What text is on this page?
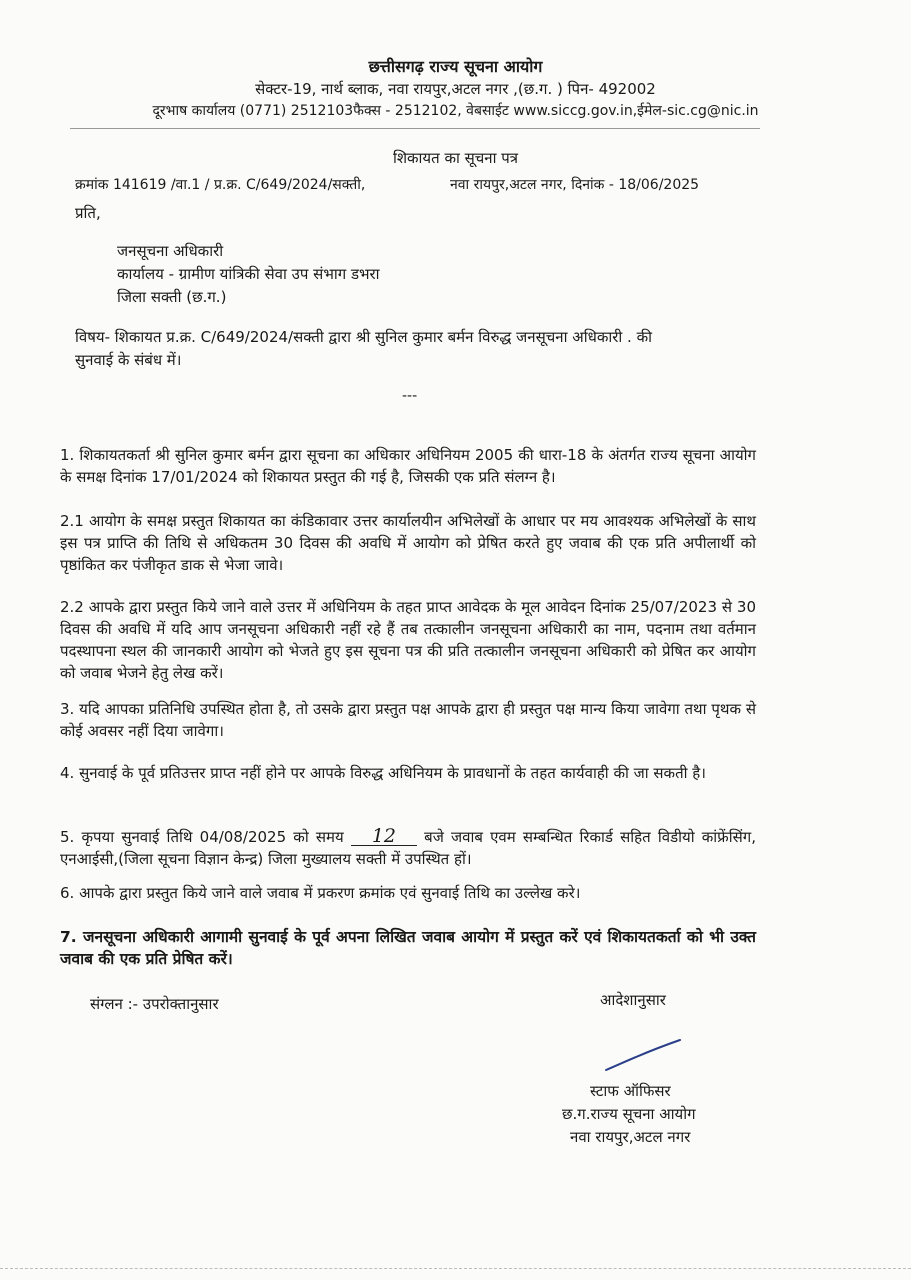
छत्तीसगढ़ राज्य सूचना आयोग
सेक्टर-19, नार्थ ब्लाक, नवा रायपुर,अटल नगर ,(छ.ग. ) पिन- 492002
दूरभाष कार्यालय (0771) 2512103फैक्स - 2512102, वेबसाईट www.siccg.gov.in,ईमेल-sic.cg@nic.in
शिकायत का सूचना पत्र
क्रमांक 141619 /वा.1 / प्र.क्र. C/649/2024/सक्ती,	नवा रायपुर,अटल नगर, दिनांक - 18/06/2025
प्रति,
जनसूचना अधिकारी
कार्यालय - ग्रामीण यांत्रिकी सेवा उप संभाग डभरा
जिला सक्ती (छ.ग.)
विषय- शिकायत प्र.क्र. C/649/2024/सक्ती द्वारा श्री सुनिल कुमार बर्मन विरुद्ध जनसूचना अधिकारी . की
सुनवाई के संबंध में।
---
1. शिकायतकर्ता श्री सुनिल कुमार बर्मन द्वारा सूचना का अधिकार अधिनियम 2005 की धारा-18 के अंतर्गत राज्य सूचना आयोग के समक्ष दिनांक 17/01/2024 को शिकायत प्रस्तुत की गई है, जिसकी एक प्रति संलग्न है।
2.1 आयोग के समक्ष प्रस्तुत शिकायत का कंडिकावार उत्तर कार्यालयीन अभिलेखों के आधार पर मय आवश्यक अभिलेखों के साथ इस पत्र प्राप्ति की तिथि से अधिकतम 30 दिवस की अवधि में आयोग को प्रेषित करते हुए जवाब की एक प्रति अपीलार्थी को पृष्ठांकित कर पंजीकृत डाक से भेजा जावे।
2.2 आपके द्वारा प्रस्तुत किये जाने वाले उत्तर में अधिनियम के तहत प्राप्त आवेदक के मूल आवेदन दिनांक 25/07/2023 से 30 दिवस की अवधि में यदि आप जनसूचना अधिकारी नहीं रहे हैं तब तत्कालीन जनसूचना अधिकारी का नाम, पदनाम तथा वर्तमान पदस्थापना स्थल की जानकारी आयोग को भेजते हुए इस सूचना पत्र की प्रति तत्कालीन जनसूचना अधिकारी को प्रेषित कर आयोग को जवाब भेजने हेतु लेख करें।
3. यदि आपका प्रतिनिधि उपस्थित होता है, तो उसके द्वारा प्रस्तुत पक्ष आपके द्वारा ही प्रस्तुत पक्ष मान्य किया जावेगा तथा पृथक से कोई अवसर नहीं दिया जावेगा।
4. सुनवाई के पूर्व प्रतिउत्तर प्राप्त नहीं होने पर आपके विरुद्ध अधिनियम के प्रावधानों के तहत कार्यवाही की जा सकती है।
5. कृपया सुनवाई तिथि 04/08/2025 को समय 12 बजे जवाब एवम सम्बन्धित रिकार्ड सहित विडीयो कांफ्रेंसिंग, एनआईसी,(जिला सूचना विज्ञान केन्द्र) जिला मुख्यालय सक्ती में उपस्थित हों।
6. आपके द्वारा प्रस्तुत किये जाने वाले जवाब में प्रकरण क्रमांक एवं सुनवाई तिथि का उल्लेख करे।
7. जनसूचना अधिकारी आगामी सुनवाई के पूर्व अपना लिखित जवाब आयोग में प्रस्तुत करें एवं शिकायतकर्ता को भी उक्त जवाब की एक प्रति प्रेषित करें।
संग्लन :- उपरोक्तानुसार	आदेशानुसार
स्टाफ ऑफिसर
छ.ग.राज्य सूचना आयोग
नवा रायपुर,अटल नगर
